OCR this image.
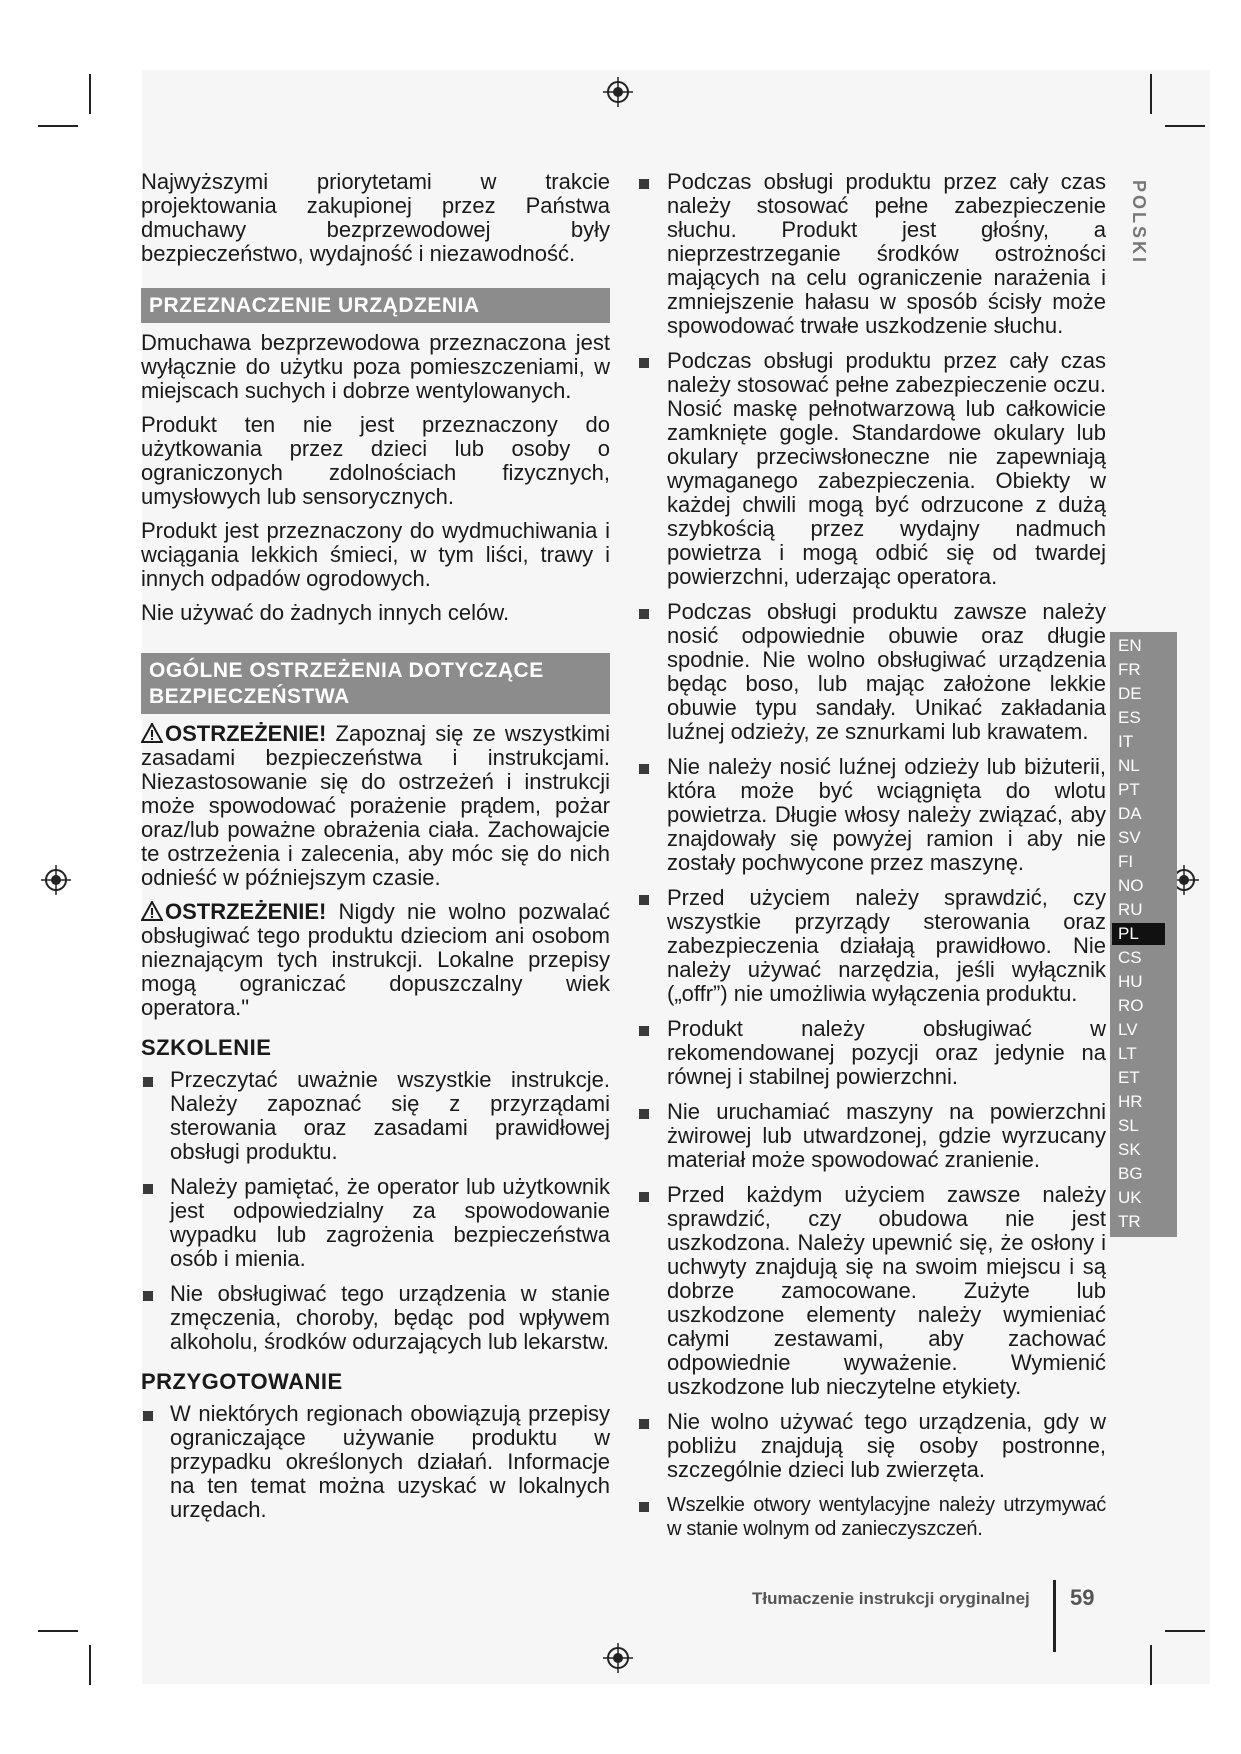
Najwyższymi priorytetami w trakcie projektowania zakupionej przez Państwa dmuchawy bezprzewodowej były bezpieczeństwo, wydajność i niezawodność.

PRZEZNACZENIE URZĄDZENIA

Dmuchawa bezprzewodowa przeznaczona jest wyłącznie do użytku poza pomieszczeniami, w miejscach suchych i dobrze wentylowanych.

Produkt ten nie jest przeznaczony do użytkowania przez dzieci lub osoby o ograniczonych zdolnościach fizycznych, umysłowych lub sensorycznych.

Produkt jest przeznaczony do wydmuchiwania i wciągania lekkich śmieci, w tym liści, trawy i innych odpadów ogrodowych.

Nie używać do żadnych innych celów.

OGÓLNE OSTRZEŻENIA DOTYCZĄCE
BEZPIECZEŃSTWA

OSTRZEŻENIE! Zapoznaj się ze wszystkimi zasadami bezpieczeństwa i instrukcjami. Niezastosowanie się do ostrzeżeń i instrukcji może spowodować porażenie prądem, pożar oraz/lub poważne obrażenia ciała. Zachowajcie te ostrzeżenia i zalecenia, aby móc się do nich odnieść w późniejszym czasie.

OSTRZEŻENIE! Nigdy nie wolno pozwalać obsługiwać tego produktu dzieciom ani osobom nieznającym tych instrukcji. Lokalne przepisy mogą ograniczać dopuszczalny wiek operatora."

SZKOLENIE
Przeczytać uważnie wszystkie instrukcje. Należy zapoznać się z przyrządami sterowania oraz zasadami prawidłowej obsługi produktu.
Należy pamiętać, że operator lub użytkownik jest odpowiedzialny za spowodowanie wypadku lub zagrożenia bezpieczeństwa osób i mienia.
Nie obsługiwać tego urządzenia w stanie zmęczenia, choroby, będąc pod wpływem alkoholu, środków odurzających lub lekarstw.
PRZYGOTOWANIE
W niektórych regionach obowiązują przepisy ograniczające używanie produktu w przypadku określonych działań. Informacje na ten temat można uzyskać w lokalnych urzędach.
Podczas obsługi produktu przez cały czas należy stosować pełne zabezpieczenie słuchu. Produkt jest głośny, a nieprzestrzeganie środków ostrożności mających na celu ograniczenie narażenia i zmniejszenie hałasu w sposób ścisły może spowodować trwałe uszkodzenie słuchu.
Podczas obsługi produktu przez cały czas należy stosować pełne zabezpieczenie oczu. Nosić maskę pełnotwarzową lub całkowicie zamknięte gogle. Standardowe okulary lub okulary przeciwsłoneczne nie zapewniają wymaganego zabezpieczenia. Obiekty w każdej chwili mogą być odrzucone z dużą szybkością przez wydajny nadmuch powietrza i mogą odbić się od twardej powierzchni, uderzając operatora.
Podczas obsługi produktu zawsze należy nosić odpowiednie obuwie oraz długie spodnie. Nie wolno obsługiwać urządzenia będąc boso, lub mając założone lekkie obuwie typu sandały. Unikać zakładania luźnej odzieży, ze sznurkami lub krawatem.
Nie należy nosić luźnej odzieży lub biżuterii, która może być wciągnięta do wlotu powietrza. Długie włosy należy związać, aby znajdowały się powyżej ramion i aby nie zostały pochwycone przez maszynę.
Przed użyciem należy sprawdzić, czy wszystkie przyrządy sterowania oraz zabezpieczenia działają prawidłowo. Nie należy używać narzędzia, jeśli wyłącznik („offr”) nie umożliwia wyłączenia produktu.
Produkt należy obsługiwać w rekomendowanej pozycji oraz jedynie na równej i stabilnej powierzchni.
Nie uruchamiać maszyny na powierzchni żwirowej lub utwardzonej, gdzie wyrzucany materiał może spowodować zranienie.
Przed każdym użyciem zawsze należy sprawdzić, czy obudowa nie jest uszkodzona. Należy upewnić się, że osłony i uchwyty znajdują się na swoim miejscu i są dobrze zamocowane. Zużyte lub uszkodzone elementy należy wymieniać całymi zestawami, aby zachować odpowiednie wyważenie. Wymienić uszkodzone lub nieczytelne etykiety.
Nie wolno używać tego urządzenia, gdy w pobliżu znajdują się osoby postronne, szczególnie dzieci lub zwierzęta.
Wszelkie otwory wentylacyjne należy utrzymywać w stanie wolnym od zanieczyszczeń.
POLSKI
EN
FR
DE
ES
IT
NL
PT
DA
SV
FI
NO
RU
PL
CS
HU
RO
LV
LT
ET
HR
SL
SK
BG
UK
TR
Tłumaczenie instrukcji oryginalnej 59
